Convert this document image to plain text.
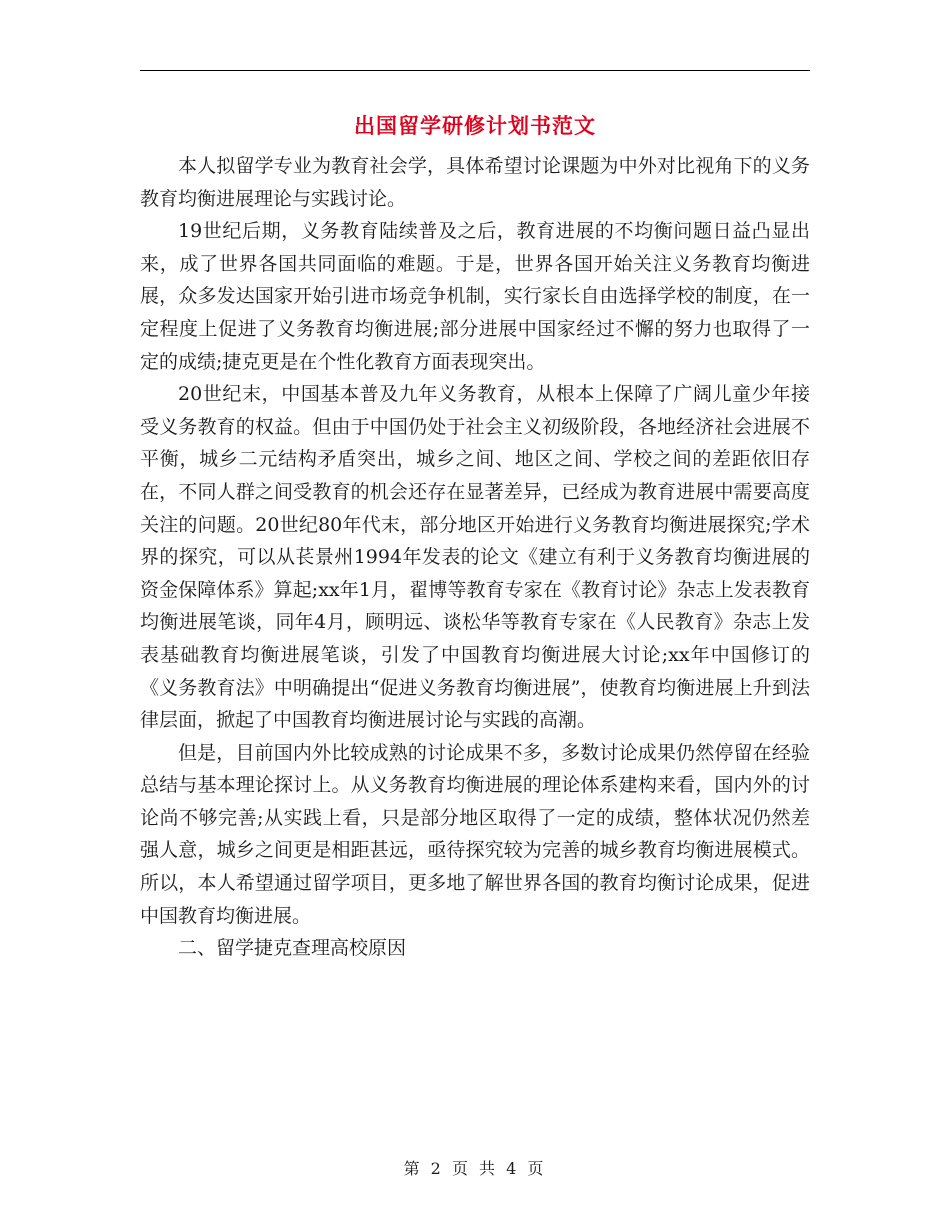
出国留学研修计划书范文

本人拟留学专业为教育社会学，具体希望讨论课题为中外对比视角下的义务教育均衡进展理论与实践讨论。

19世纪后期，义务教育陆续普及之后，教育进展的不均衡问题日益凸显出来，成了世界各国共同面临的难题。于是，世界各国开始关注义务教育均衡进展，众多发达国家开始引进市场竞争机制，实行家长自由选择学校的制度，在一定程度上促进了义务教育均衡进展;部分进展中国家经过不懈的努力也取得了一定的成绩;捷克更是在个性化教育方面表现突出。

20世纪末，中国基本普及九年义务教育，从根本上保障了广阔儿童少年接受义务教育的权益。但由于中国仍处于社会主义初级阶段，各地经济社会进展不平衡，城乡二元结构矛盾突出，城乡之间、地区之间、学校之间的差距依旧存在，不同人群之间受教育的机会还存在显著差异，已经成为教育进展中需要高度关注的问题。20世纪80年代末，部分地区开始进行义务教育均衡进展探究;学术界的探究，可以从苌景州1994年发表的论文《建立有利于义务教育均衡进展的资金保障体系》算起;xx年1月，翟博等教育专家在《教育讨论》杂志上发表教育均衡进展笔谈，同年4月，顾明远、谈松华等教育专家在《人民教育》杂志上发表基础教育均衡进展笔谈，引发了中国教育均衡进展大讨论;xx年中国修订的《义务教育法》中明确提出“促进义务教育均衡进展”，使教育均衡进展上升到法律层面，掀起了中国教育均衡进展讨论与实践的高潮。

但是，目前国内外比较成熟的讨论成果不多，多数讨论成果仍然停留在经验总结与基本理论探讨上。从义务教育均衡进展的理论体系建构来看，国内外的讨论尚不够完善;从实践上看，只是部分地区取得了一定的成绩，整体状况仍然差强人意，城乡之间更是相距甚远，亟待探究较为完善的城乡教育均衡进展模式。所以，本人希望通过留学项目，更多地了解世界各国的教育均衡讨论成果，促进中国教育均衡进展。

二、留学捷克查理高校原因

第 2 页 共 4 页
